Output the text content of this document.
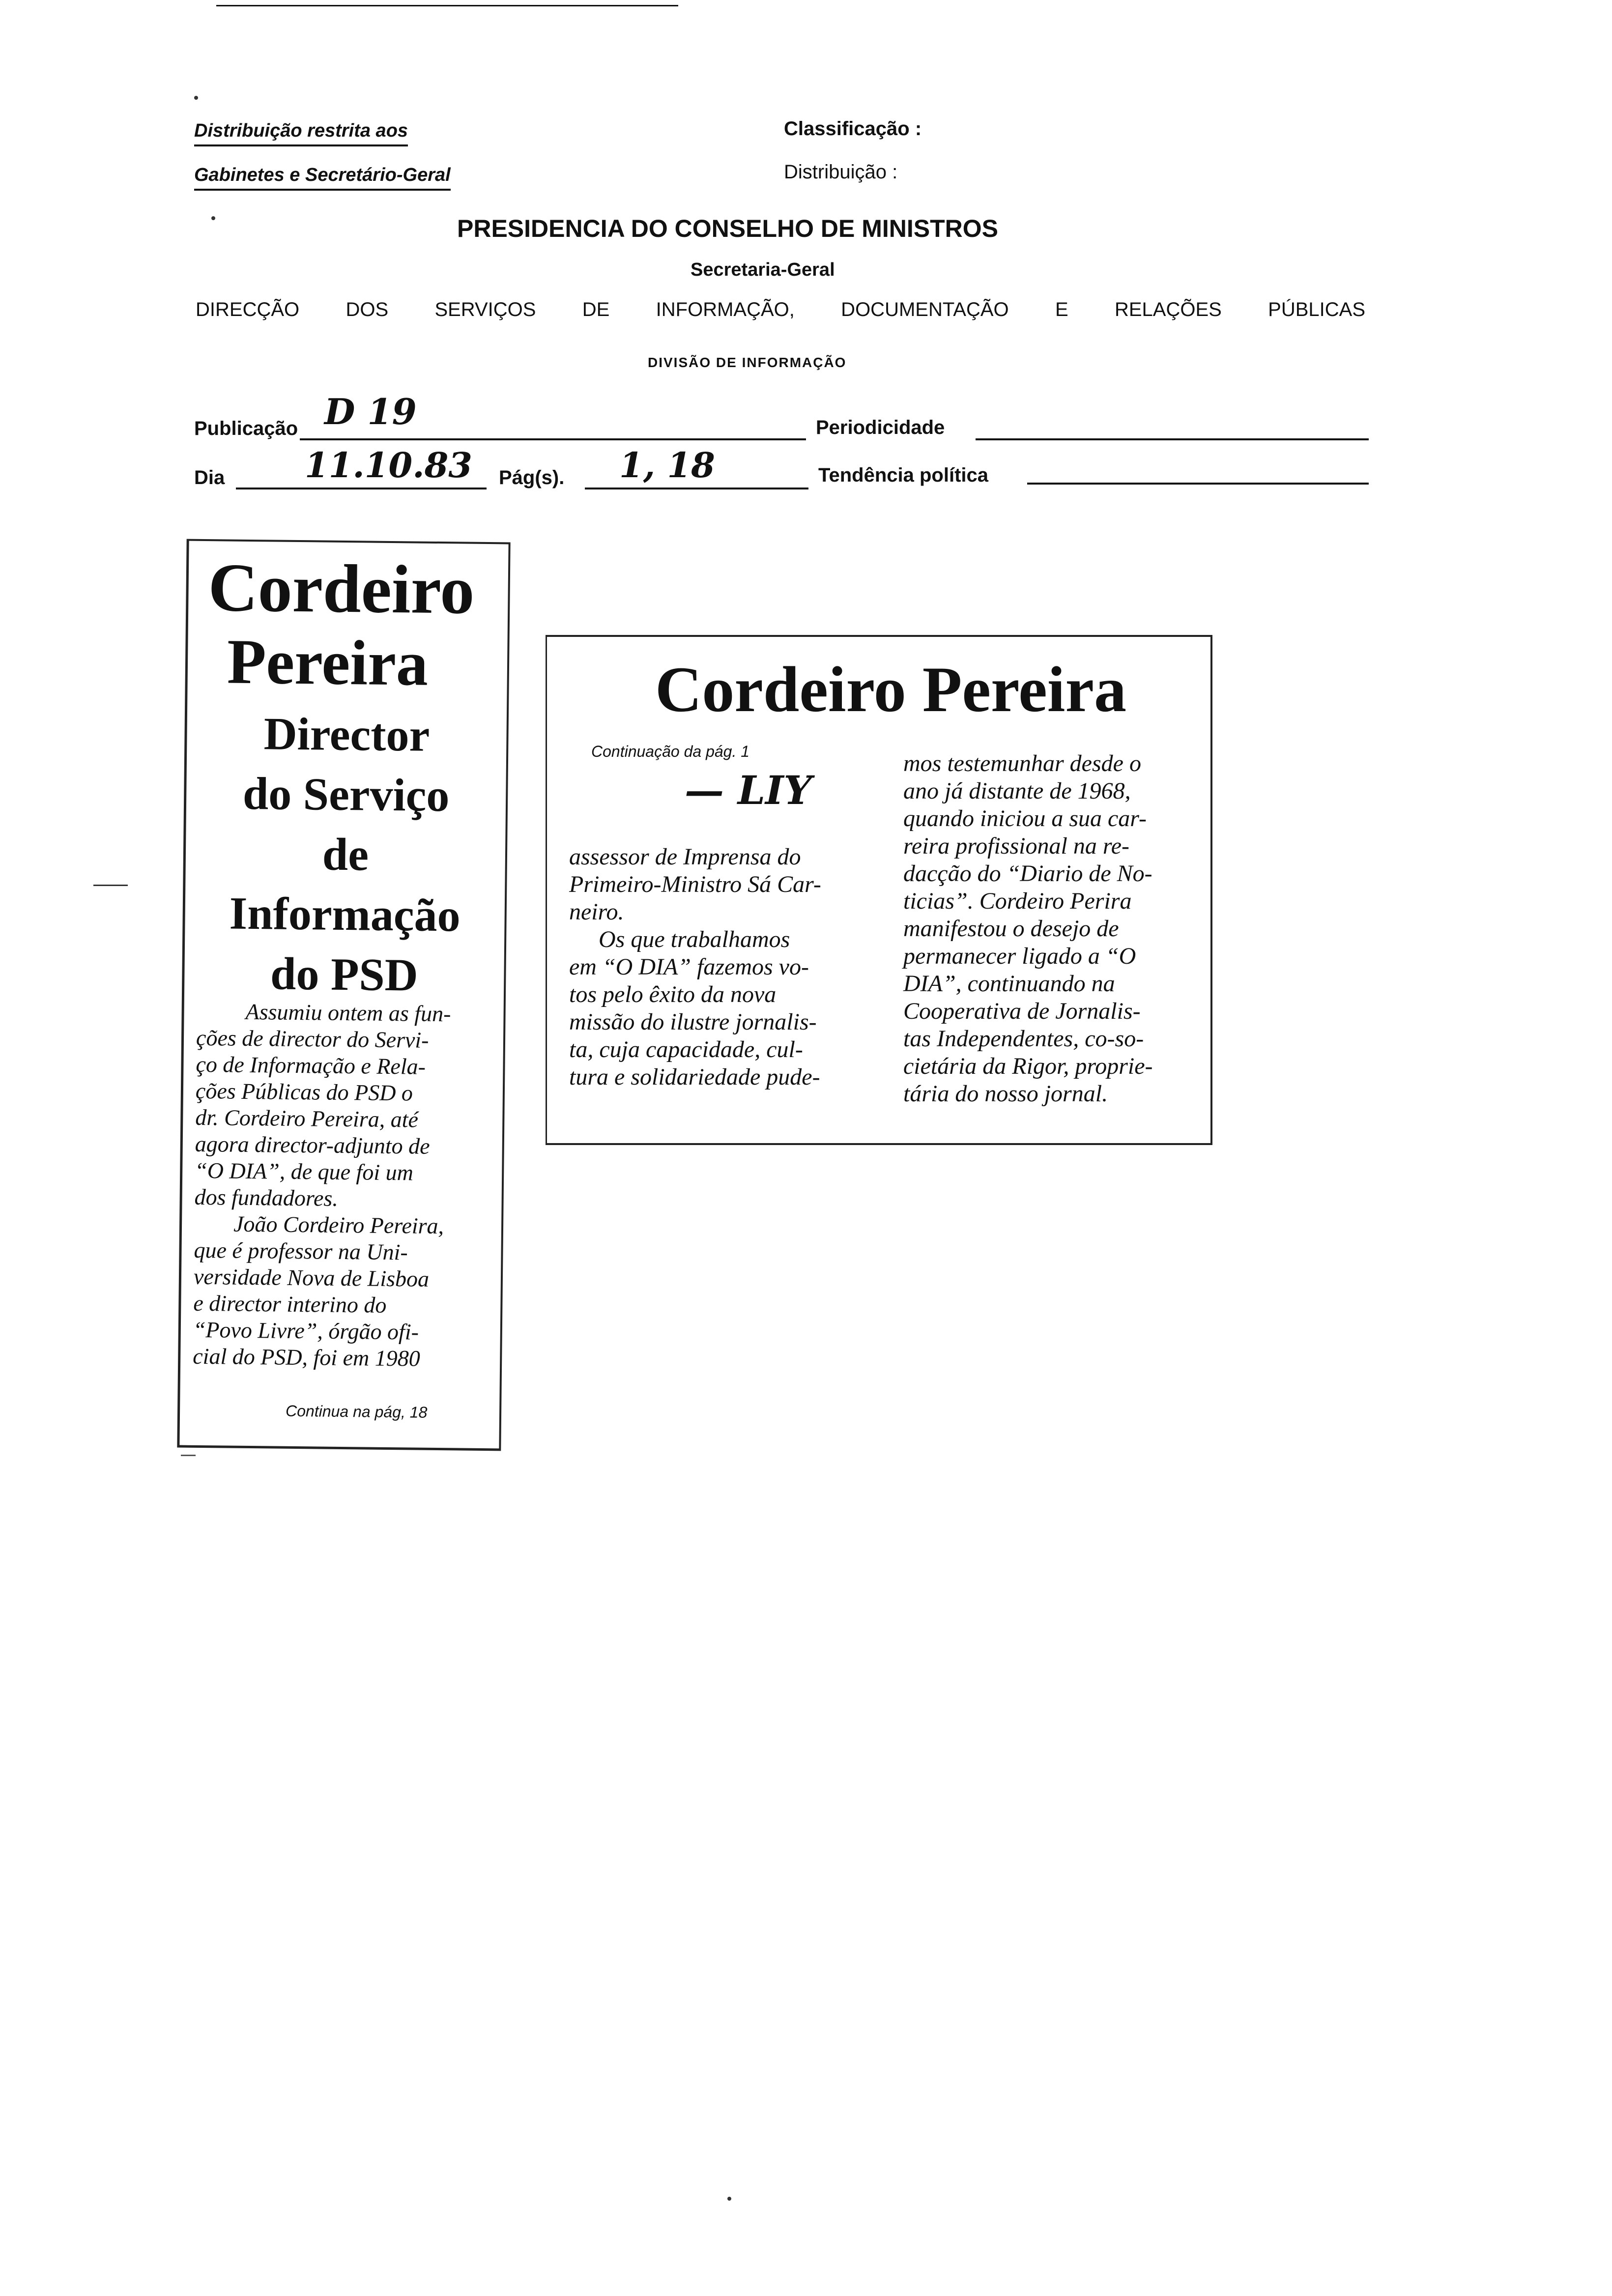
Distribuição restrita aos
Gabinetes e Secretário-Geral
Classificação :
Distribuição :
PRESIDENCIA DO CONSELHO DE MINISTROS
Secretaria-Geral
DIRECÇÃO DOS SERVIÇOS DE INFORMAÇÃO, DOCUMENTAÇÃO E RELAÇÕES PÚBLICAS
DIVISÃO DE INFORMAÇÃO
Publicação D 19	Periodicidade
Dia 11.10.83 Pág(s). 1, 18	Tendência política
Cordeiro
Pereira
Director
do Serviço
de
Informação
do PSD
Assumiu ontem as fun-
ções de director do Servi-
ço de Informação e Rela-
ções Públicas do PSD o
dr. Cordeiro Pereira, até
agora director-adjunto de
“O DIA”, de que foi um
dos fundadores.
João Cordeiro Pereira,
que é professor na Uni-
versidade Nova de Lisboa
e director interino do
“Povo Livre”, órgão ofi-
cial do PSD, foi em 1980
Continua na pág, 18
Cordeiro Pereira
Continuação da pág. 1
— LIY
assessor de Imprensa do
Primeiro-Ministro Sá Car-
neiro.
Os que trabalhamos
em “O DIA” fazemos vo-
tos pelo êxito da nova
missão do ilustre jornalis-
ta, cuja capacidade, cul-
tura e solidariedade pude-
mos testemunhar desde o
ano já distante de 1968,
quando iniciou a sua car-
reira profissional na re-
dacção do “Diario de No-
ticias”. Cordeiro Perira
manifestou o desejo de
permanecer ligado a “O
DIA”, continuando na
Cooperativa de Jornalis-
tas Independentes, co-so-
cietária da Rigor, proprie-
tária do nosso jornal.
